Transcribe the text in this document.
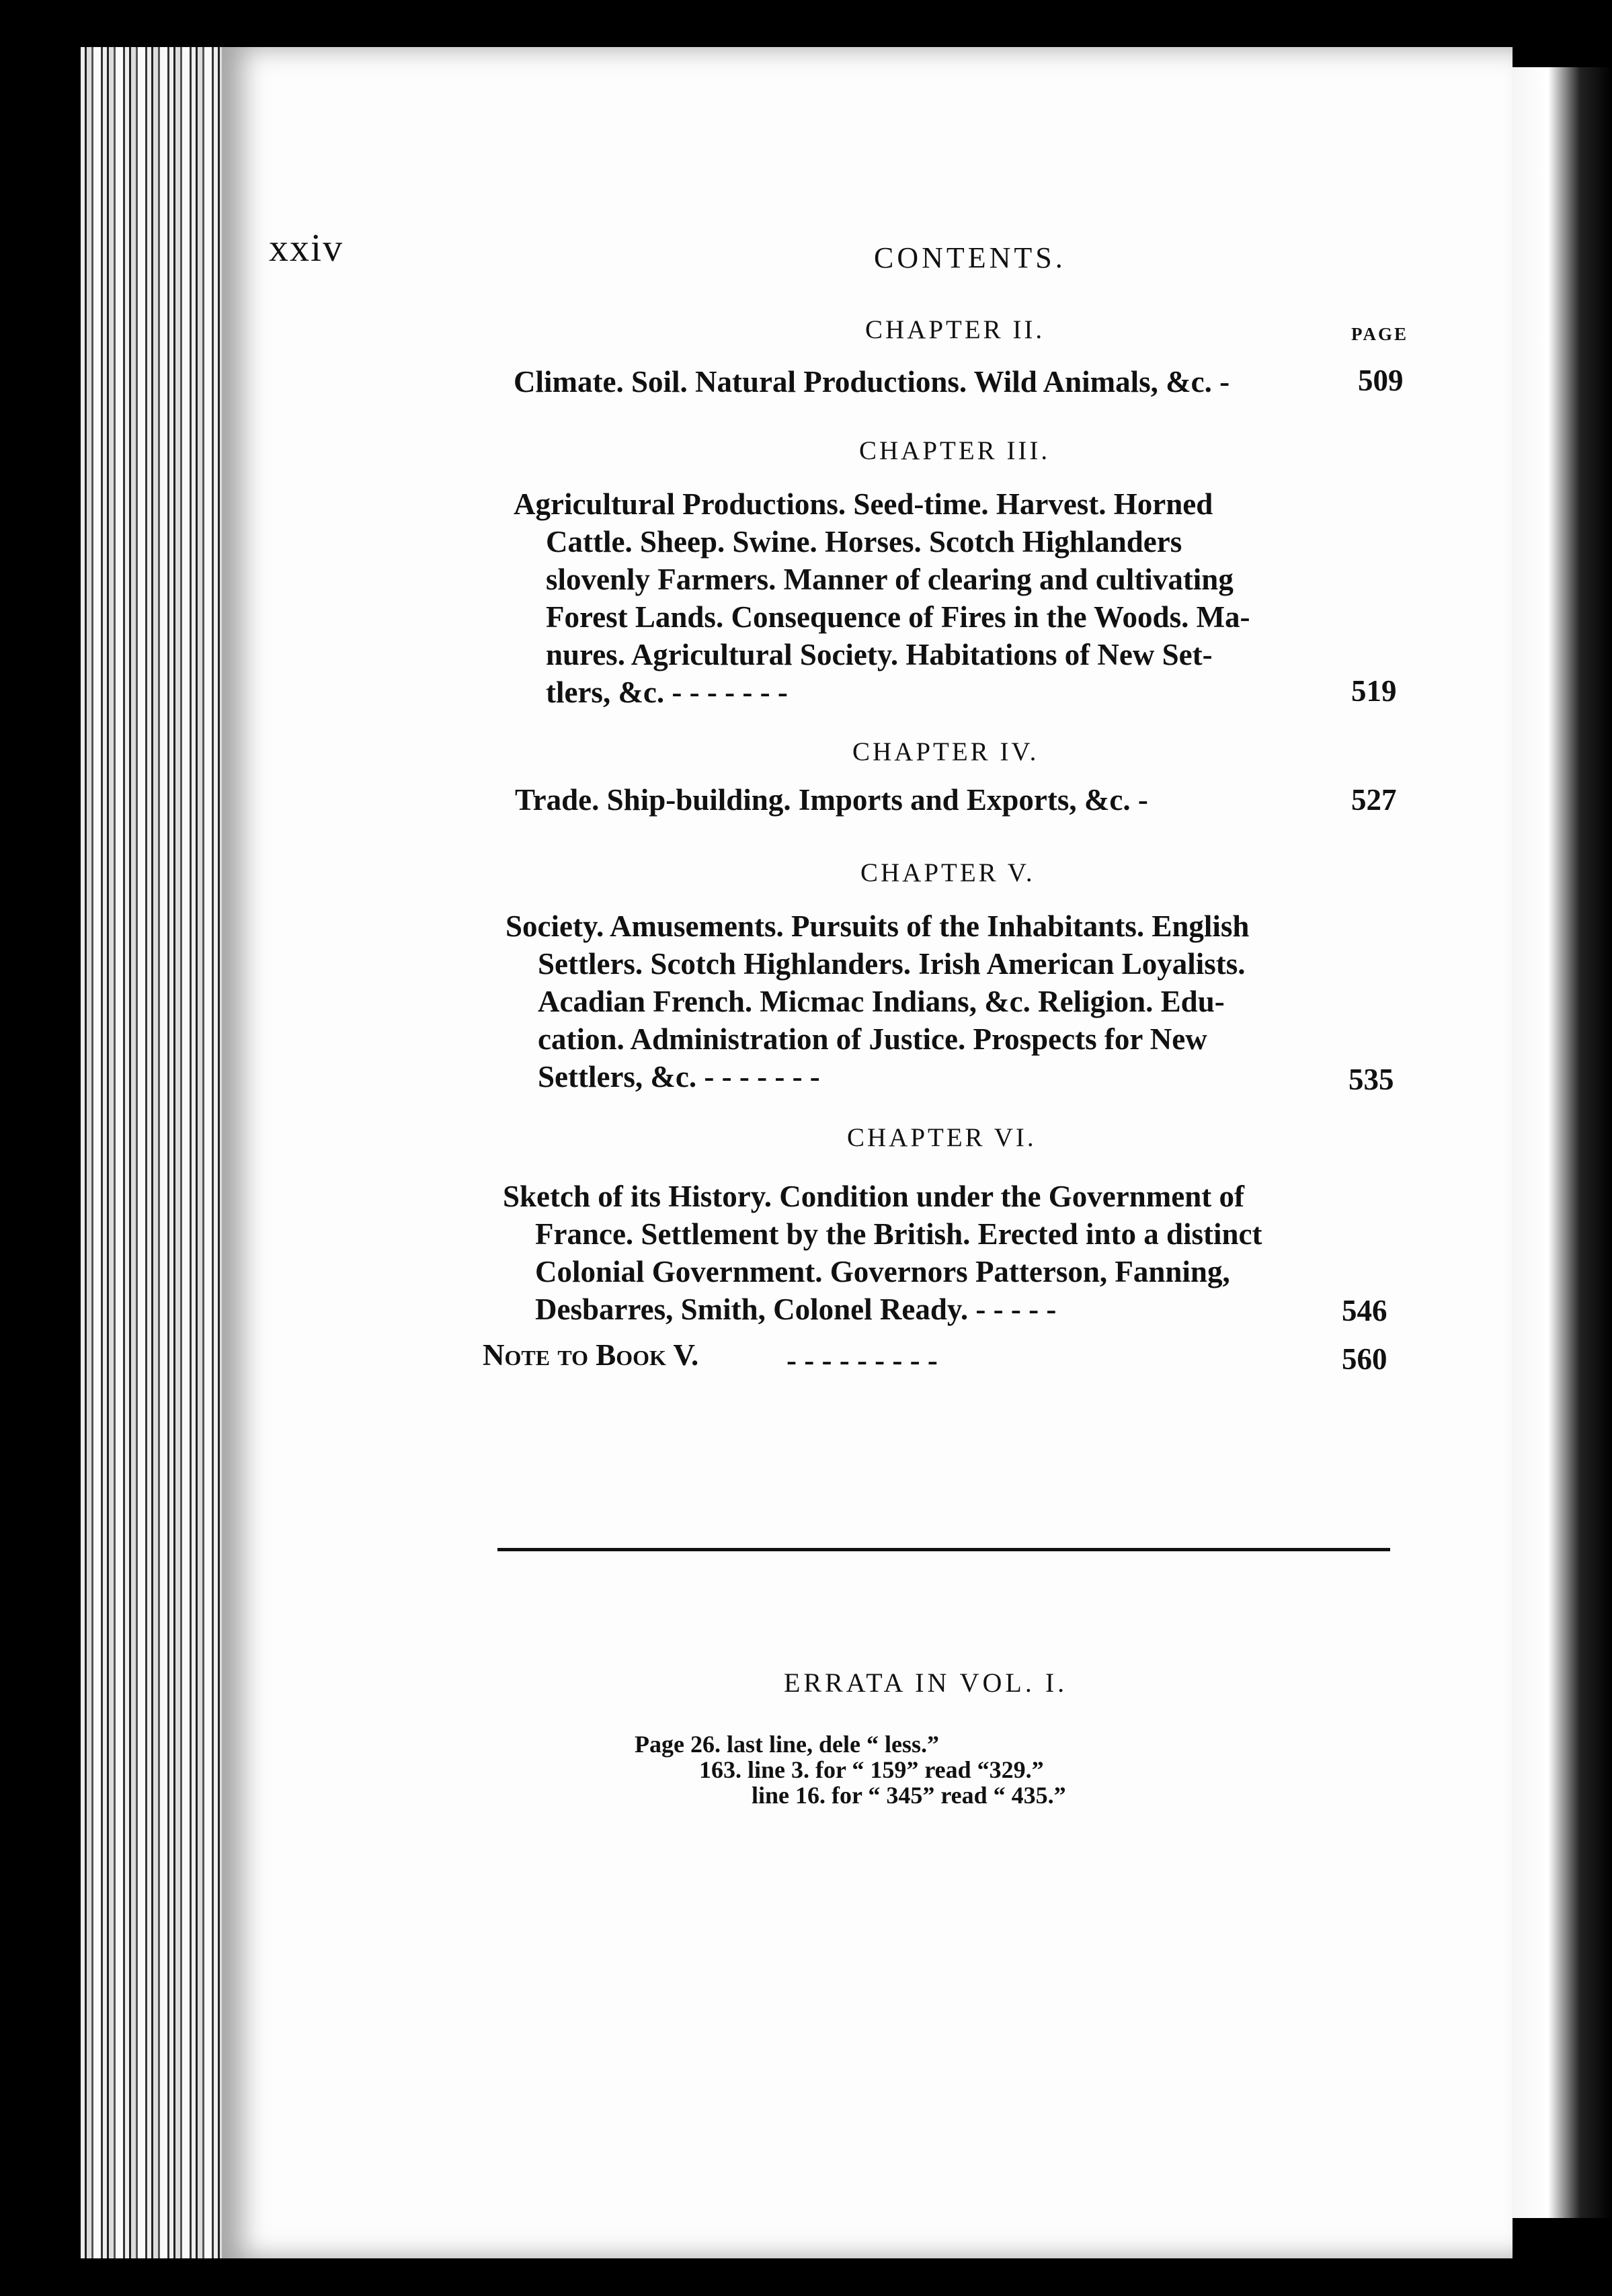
xxiv	CONTENTS.
PAGE
CHAPTER II.
Climate. Soil. Natural Productions. Wild Animals, &c. -	509
CHAPTER III.
Agricultural Productions. Seed-time. Harvest. Horned
Cattle. Sheep. Swine. Horses. Scotch Highlanders
slovenly Farmers. Manner of clearing and cultivating
Forest Lands. Consequence of Fires in the Woods. Ma-
nures. Agricultural Society. Habitations of New Set-
tlers, &c. - - - - - - -	519
CHAPTER IV.
Trade. Ship-building. Imports and Exports, &c. -	527
CHAPTER V.
Society. Amusements. Pursuits of the Inhabitants. English
Settlers. Scotch Highlanders. Irish American Loyalists.
Acadian French. Micmac Indians, &c. Religion. Edu-
cation. Administration of Justice. Prospects for New
Settlers, &c. - - - - - - -	535
CHAPTER VI.
Sketch of its History. Condition under the Government of
France. Settlement by the British. Erected into a distinct
Colonial Government. Governors Patterson, Fanning,
Desbarres, Smith, Colonel Ready. - - - - -	546
Note to Book V.	- - - - - - - - -	560
ERRATA IN VOL. I.
Page 26. last line, dele “ less.”
163. line 3. for “ 159” read “329.”
line 16. for “ 345” read “ 435.”
